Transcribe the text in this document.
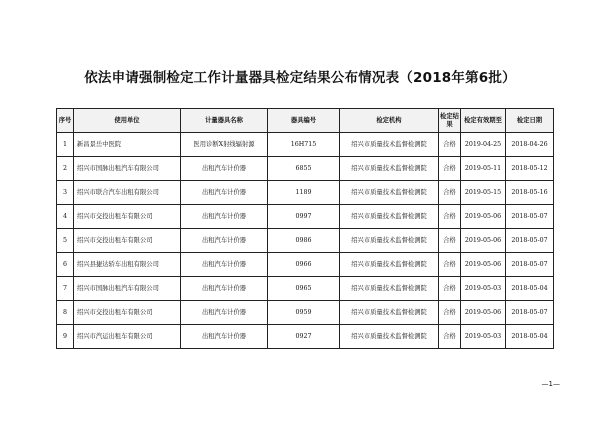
依法申请强制检定工作计量器具检定结果公布情况表（2018年第6批）
序号	使用单位	计量器具名称	器具编号	检定机构	检定结果	检定有效期至	检定日期
1	新昌景岳中医院	医用诊断X射线辐射源	16H715	绍兴市质量技术监督检测院	合格	2019-04-25	2018-04-26
2	绍兴市国脉出租汽车有限公司	出租汽车计价器	6855	绍兴市质量技术监督检测院	合格	2019-05-11	2018-05-12
3	绍兴市联合汽车出租有限公司	出租汽车计价器	1189	绍兴市质量技术监督检测院	合格	2019-05-15	2018-05-16
4	绍兴市交投出租车有限公司	出租汽车计价器	0997	绍兴市质量技术监督检测院	合格	2019-05-06	2018-05-07
5	绍兴市交投出租车有限公司	出租汽车计价器	0986	绍兴市质量技术监督检测院	合格	2019-05-06	2018-05-07
6	绍兴县捷达轿车出租有限公司	出租汽车计价器	0966	绍兴市质量技术监督检测院	合格	2019-05-06	2018-05-07
7	绍兴市国脉出租汽车有限公司	出租汽车计价器	0965	绍兴市质量技术监督检测院	合格	2019-05-03	2018-05-04
8	绍兴市交投出租车有限公司	出租汽车计价器	0959	绍兴市质量技术监督检测院	合格	2019-05-06	2018-05-07
9	绍兴市汽运出租车有限公司	出租汽车计价器	0927	绍兴市质量技术监督检测院	合格	2019-05-03	2018-05-04
—1—
